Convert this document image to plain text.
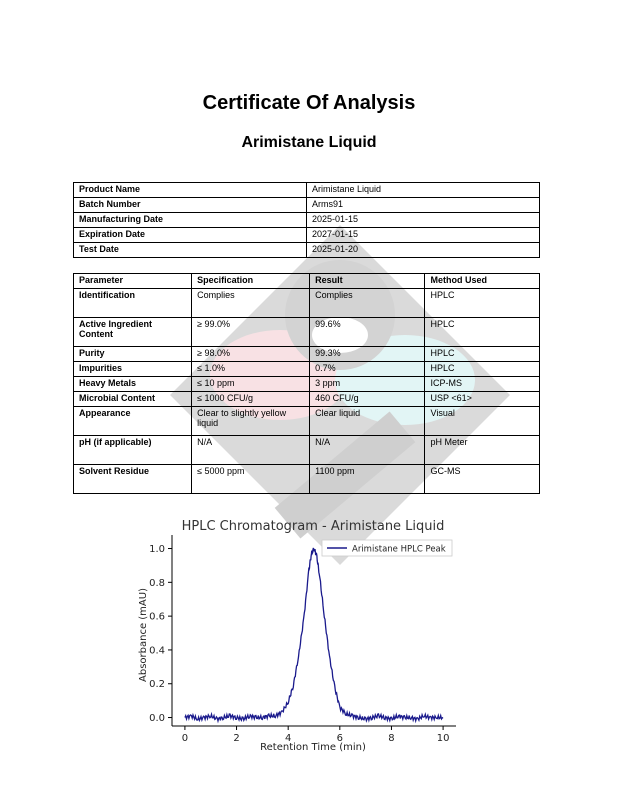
Certificate Of Analysis
Arimistane Liquid
Product Name	Arimistane Liquid
Batch Number	Arms91
Manufacturing Date	2025-01-15
Expiration Date	2027-01-15
Test Date	2025-01-20
Parameter	Specification	Result	Method Used
Identification	Complies	Complies	HPLC
Active Ingredient Content	≥ 99.0%	99.6%	HPLC
Purity	≥ 98.0%	99.3%	HPLC
Impurities	≤ 1.0%	0.7%	HPLC
Heavy Metals	≤ 10 ppm	3 ppm	ICP-MS
Microbial Content	≤ 1000 CFU/g	460 CFU/g	USP <61>
Appearance	Clear to slightly yellow liquid	Clear liquid	Visual
pH (if applicable)	N/A	N/A	pH Meter
Solvent Residue	≤ 5000 ppm	1100 ppm	GC-MS
HPLC Chromatogram - Arimistane Liquid
0	2	4	6	8	10
0.0
0.2
0.4
0.6
0.8
1.0	Arimistane HPLC Peak
Retention Time (min)
Absorbance (mAU)
